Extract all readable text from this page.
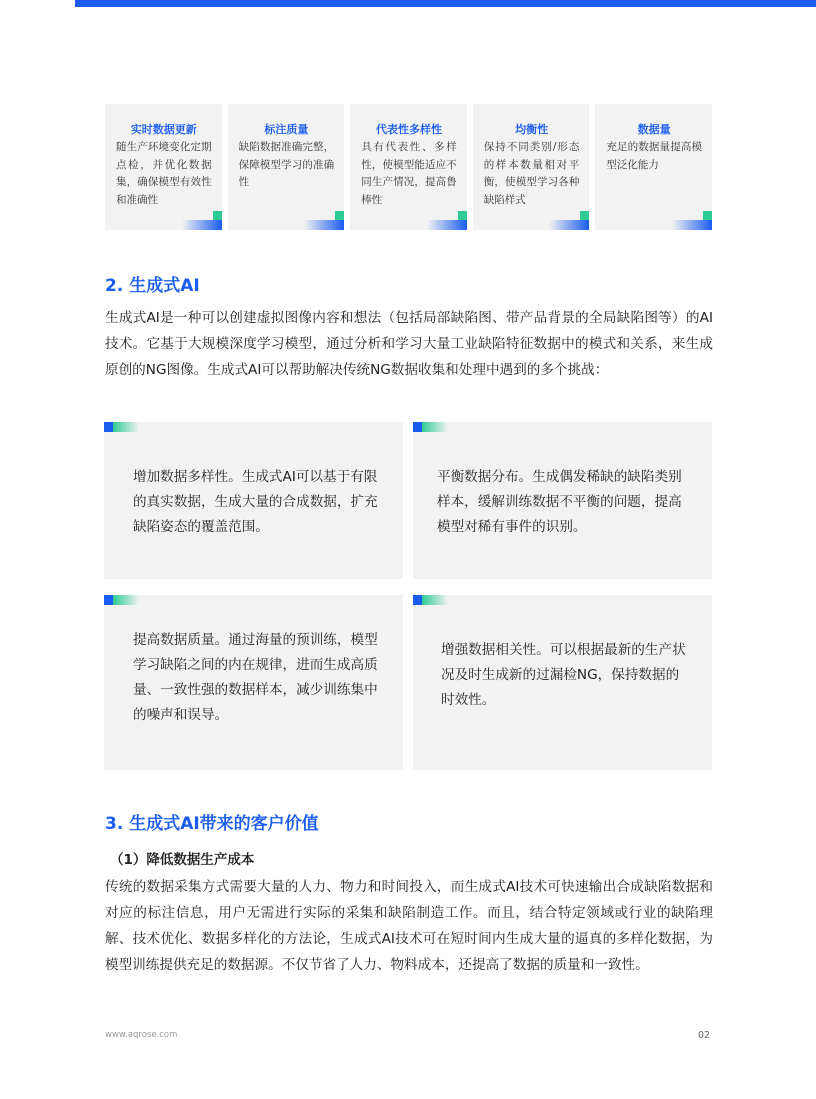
实时数据更新
随生产环境变化定期点检，并优化数据集，确保模型有效性和准确性
标注质量
缺陷数据准确完整，保障模型学习的准确性
代表性多样性
具有代表性、多样性，使模型能适应不同生产情况，提高鲁棒性
均衡性
保持不同类别/形态的样本数量相对平衡，使模型学习各种缺陷样式
数据量
充足的数据量提高模型泛化能力
2. 生成式AI

生成式AI是一种可以创建虚拟图像内容和想法（包括局部缺陷图、带产品背景的全局缺陷图等）的AI技术。它基于大规模深度学习模型，通过分析和学习大量工业缺陷特征数据中的模式和关系，来生成原创的NG图像。生成式AI可以帮助解决传统NG数据收集和处理中遇到的多个挑战：

增加数据多样性。生成式AI可以基于有限的真实数据，生成大量的合成数据，扩充缺陷姿态的覆盖范围。
平衡数据分布。生成偶发稀缺的缺陷类别样本，缓解训练数据不平衡的问题，提高模型对稀有事件的识别。
提高数据质量。通过海量的预训练，模型学习缺陷之间的内在规律，进而生成高质量、一致性强的数据样本，减少训练集中的噪声和误导。
增强数据相关性。可以根据最新的生产状况及时生成新的过漏检NG，保持数据的时效性。
3. 生成式AI带来的客户价值
（1）降低数据生产成本

传统的数据采集方式需要大量的人力、物力和时间投入，而生成式AI技术可快速输出合成缺陷数据和对应的标注信息，用户无需进行实际的采集和缺陷制造工作。而且，结合特定领域或行业的缺陷理解、技术优化、数据多样化的方法论，生成式AI技术可在短时间内生成大量的逼真的多样化数据，为模型训练提供充足的数据源。不仅节省了人力、物料成本，还提高了数据的质量和一致性。

www.aqrose.com	02
